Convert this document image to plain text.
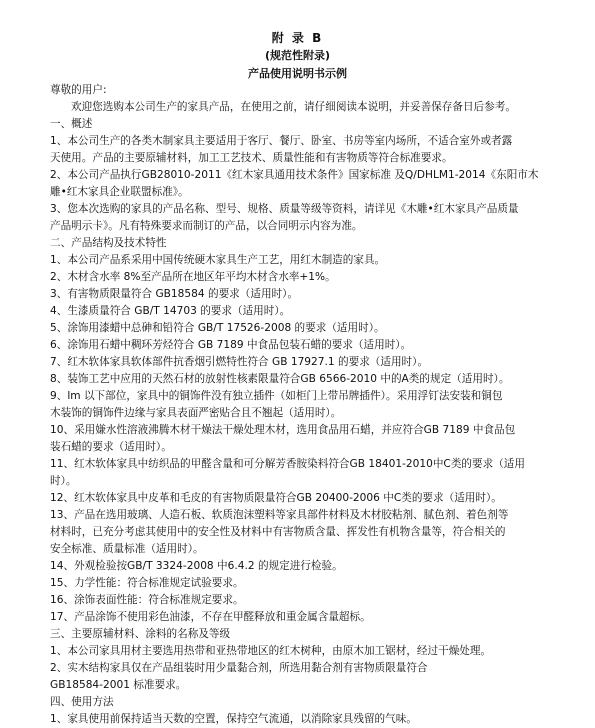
附 录 B
(规范性附录)
产品使用说明书示例
尊敬的用户:
欢迎您选购本公司生产的家具产品，在使用之前，请仔细阅读本说明，并妥善保存备日后参考。
一、概述
1、本公司生产的各类木制家具主要适用于客厅、餐厅、卧室、书房等室内场所，不适合室外或者露
天使用。产品的主要原辅材料，加工工艺技术、质量性能和有害物质等符合标准要求。
2、本公司产品执行GB28010-2011《红木家具通用技术条件》国家标准 及Q/DHLM1-2014《东阳市木
雕•红木家具企业联盟标准》。
3、您本次选购的家具的产品名称、型号、规格、质量等级等资料，请详见《木雕•红木家具产品质量
产品明示卡》。凡有特殊要求而制订的产品，以合同明示内容为准。
二、产品结构及技术特性
1、本公司产品系采用中国传统硬木家具生产工艺，用红木制造的家具。
2、木材含水率 8%至产品所在地区年平均木材含水率+1%。
3、有害物质限量符合 GB18584 的要求（适用时）。
4、生漆质量符合 GB/T 14703 的要求（适用时）。
5、涂饰用漆蜡中总砷和铅符合 GB/T 17526-2008 的要求（适用时）。
6、涂饰用石蜡中稠环芳烃符合 GB 7189 中食品包装石蜡的要求（适用时）。
7、红木软体家具软体部件抗香烟引燃特性符合 GB 17927.1 的要求（适用时）。
8、装饰工艺中应用的天然石材的放射性核素限量符合GB 6566-2010 中的A类的规定（适用时）。
9、lm 以下部位，家具中的铜饰件没有独立插件（如柜门上带吊牌插件）。采用浮钉法安装和铜包
木装饰的铜饰件边缘与家具表面严密贴合且不翘起（适用时）。
10、采用嫌水性溶液沸腾木材干燥法干燥处理木材，选用食品用石蜡，并应符合GB 7189 中食品包
装石蜡的要求（适用时）。
11、红木软体家具中纺织品的甲醛含量和可分解芳香胺染料符合GB 18401-2010中C类的要求（适用
时）。
12、红木软体家具中皮革和毛皮的有害物质限量符合GB 20400-2006 中C类的要求（适用时）。
13、产品在选用玻璃、人造石板、软质泡沫塑料等家具部件材料及木材胶粘剂、腻色剂、着色剂等
材料时，已充分考虑其使用中的安全性及材料中有害物质含量、挥发性有机物含量等，符合相关的
安全标准、质量标准（适用时）。
14、外观检验按GB/T 3324-2008 中6.4.2 的规定进行检验。
15、力学性能：符合标准规定试验要求。
16、涂饰表面性能：符合标准规定要求。
17、产品涂饰不使用彩色油漆，不存在甲醛释放和重金属含量超标。
三、主要原辅材料、涂料的名称及等级
1、本公司家具用材主要选用热带和亚热带地区的红木树种，由原木加工锯材，经过干燥处理。
2、实木结构家具仅在产品组装时用少量黏合剂，所选用黏合剂有害物质限量符合
GB18584-2001 标准要求。
四、使用方法
1、家具使用前保持适当天数的空置，保持空气流通，以消除家具残留的气味。
